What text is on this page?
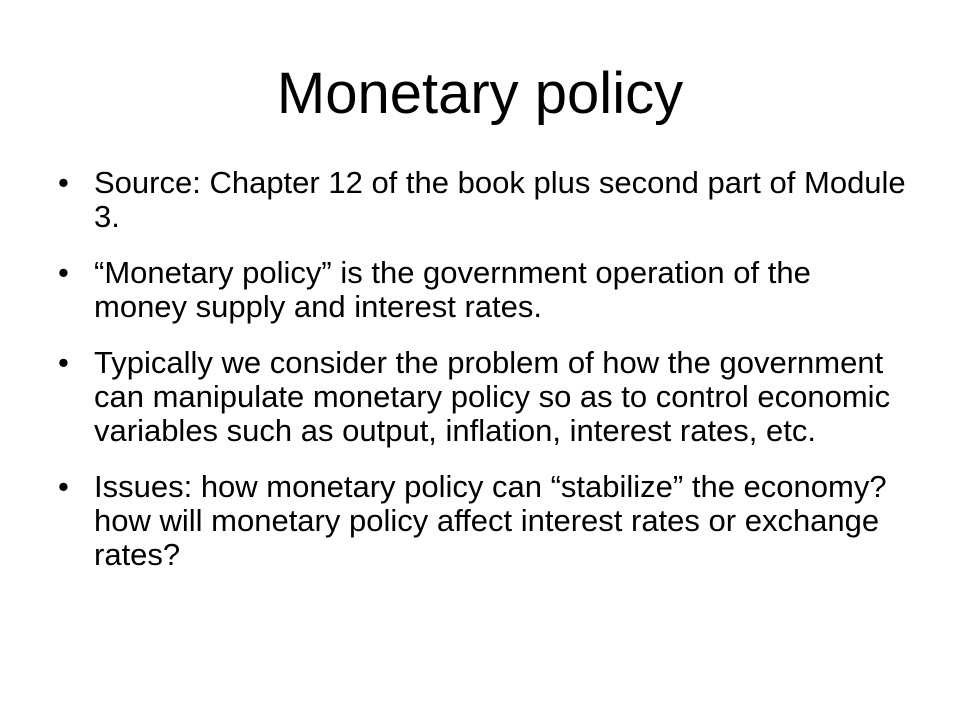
Monetary policy
• Source: Chapter 12 of the book plus second part of Module 3.
• “Monetary policy” is the government operation of the money supply and interest rates.
• Typically we consider the problem of how the government can manipulate monetary policy so as to control economic variables such as output, inflation, interest rates, etc.
• Issues: how monetary policy can “stabilize” the economy? how will monetary policy affect interest rates or exchange rates?
